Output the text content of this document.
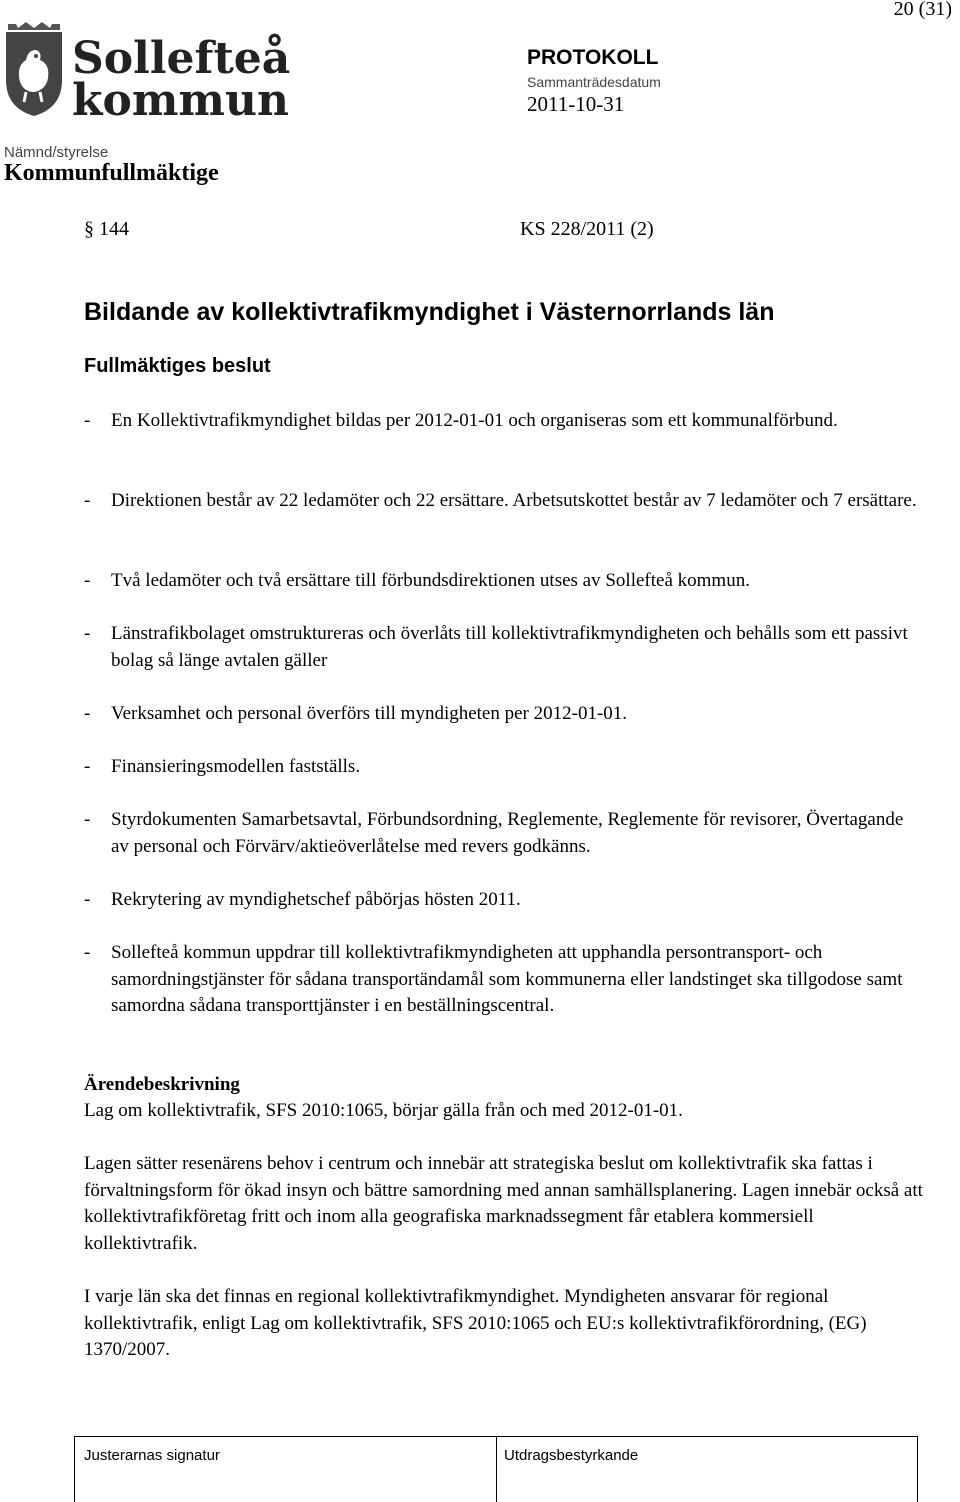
20 (31)
Sollefteå
kommun
PROTOKOLL
Sammanträdesdatum
2011-10-31
Nämnd/styrelse
Kommunfullmäktige
§ 144	KS 228/2011 (2)
Bildande av kollektivtrafikmyndighet i Västernorrlands län
Fullmäktiges beslut
- En Kollektivtrafikmyndighet bildas per 2012-01-01 och organiseras som ett kommunalförbund.
- Direktionen består av 22 ledamöter och 22 ersättare. Arbetsutskottet består av 7 ledamöter och 7 ersättare.
- Två ledamöter och två ersättare till förbundsdirektionen utses av Sollefteå kommun.
- Länstrafikbolaget omstruktureras och överlåts till kollektivtrafikmyndigheten och behålls som ett passivt bolag så länge avtalen gäller
- Verksamhet och personal överförs till myndigheten per 2012-01-01.
- Finansieringsmodellen fastställs.
- Styrdokumenten Samarbetsavtal, Förbundsordning, Reglemente, Reglemente för revisorer, Övertagande av personal och Förvärv/aktieöverlåtelse med revers godkänns.
- Rekrytering av myndighetschef påbörjas hösten 2011.
- Sollefteå kommun uppdrar till kollektivtrafikmyndigheten att upphandla persontransport- och samordningstjänster för sådana transportändamål som kommunerna eller landstinget ska tillgodose samt samordna sådana transporttjänster i en beställningscentral.
Ärendebeskrivning
Lag om kollektivtrafik, SFS 2010:1065, börjar gälla från och med 2012-01-01.
Lagen sätter resenärens behov i centrum och innebär att strategiska beslut om kollektivtrafik ska fattas i förvaltningsform för ökad insyn och bättre samordning med annan samhällsplanering. Lagen innebär också att kollektivtrafikföretag fritt och inom alla geografiska marknadssegment får etablera kommersiell kollektivtrafik.
I varje län ska det finnas en regional kollektivtrafikmyndighet. Myndigheten ansvarar för regional kollektivtrafik, enligt Lag om kollektivtrafik, SFS 2010:1065 och EU:s kollektivtrafikförordning, (EG) 1370/2007.
Justerarnas signatur	Utdragsbestyrkande
